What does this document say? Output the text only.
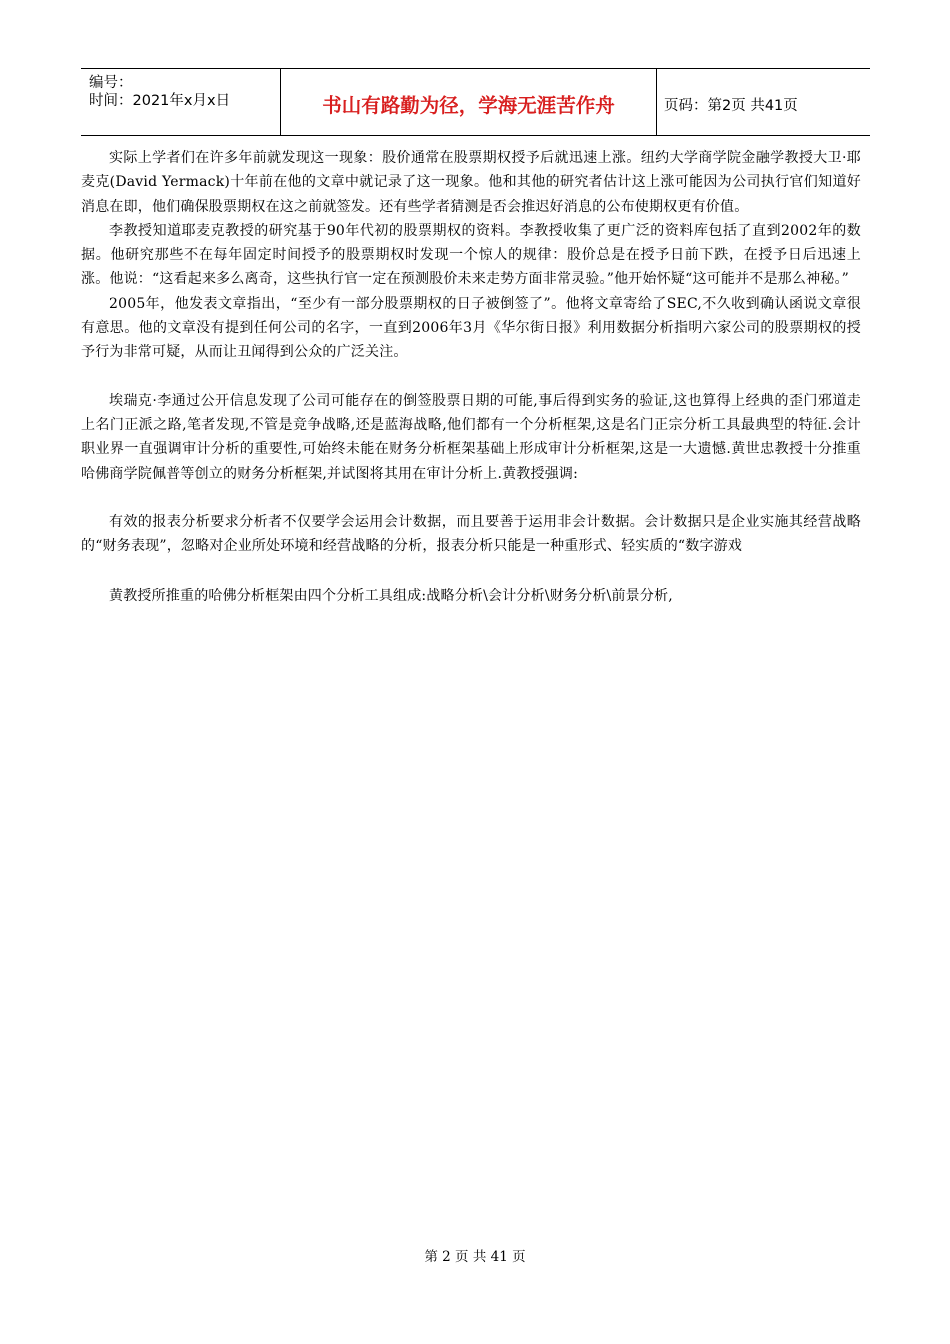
编号：
时间：2021年x月x日	书山有路勤为径，学海无涯苦作舟	页码：第2页 共41页

实际上学者们在许多年前就发现这一现象：股价通常在股票期权授予后就迅速上涨。纽约大学商学院金融学教授大卫·耶麦克(David Yermack)十年前在他的文章中就记录了这一现象。他和其他的研究者估计这上涨可能因为公司执行官们知道好消息在即，他们确保股票期权在这之前就签发。还有些学者猜测是否会推迟好消息的公布使期权更有价值。

李教授知道耶麦克教授的研究基于90年代初的股票期权的资料。李教授收集了更广泛的资料库包括了直到2002年的数据。他研究那些不在每年固定时间授予的股票期权时发现一个惊人的规律：股价总是在授予日前下跌，在授予日后迅速上涨。他说：“这看起来多么离奇，这些执行官一定在预测股价未来走势方面非常灵验。”他开始怀疑“这可能并不是那么神秘。”

2005年，他发表文章指出，“至少有一部分股票期权的日子被倒签了”。他将文章寄给了SEC,不久收到确认函说文章很有意思。他的文章没有提到任何公司的名字，一直到2006年3月《华尔街日报》利用数据分析指明六家公司的股票期权的授予行为非常可疑，从而让丑闻得到公众的广泛关注。

埃瑞克·李通过公开信息发现了公司可能存在的倒签股票日期的可能,事后得到实务的验证,这也算得上经典的歪门邪道走上名门正派之路,笔者发现,不管是竞争战略,还是蓝海战略,他们都有一个分析框架,这是名门正宗分析工具最典型的特征.会计职业界一直强调审计分析的重要性,可始终未能在财务分析框架基础上形成审计分析框架,这是一大遗憾.黄世忠教授十分推重哈佛商学院佩普等创立的财务分析框架,并试图将其用在审计分析上.黄教授强调:

有效的报表分析要求分析者不仅要学会运用会计数据，而且要善于运用非会计数据。会计数据只是企业实施其经营战略的“财务表现”，忽略对企业所处环境和经营战略的分析，报表分析只能是一种重形式、轻实质的“数字游戏

黄教授所推重的哈佛分析框架由四个分析工具组成:战略分析\会计分析\财务分析\前景分析,

第 2 页 共 41 页
